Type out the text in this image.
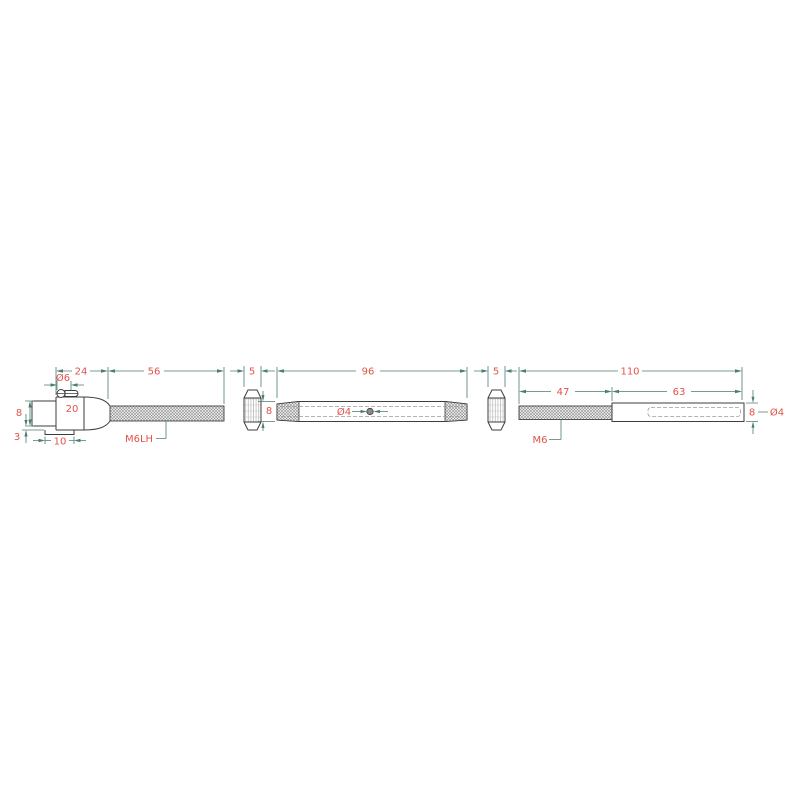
8
3	10
Ø6
24	56
20
M6LH
5
8	Ø4
96	5	110
47	63
M6
8 Ø4
